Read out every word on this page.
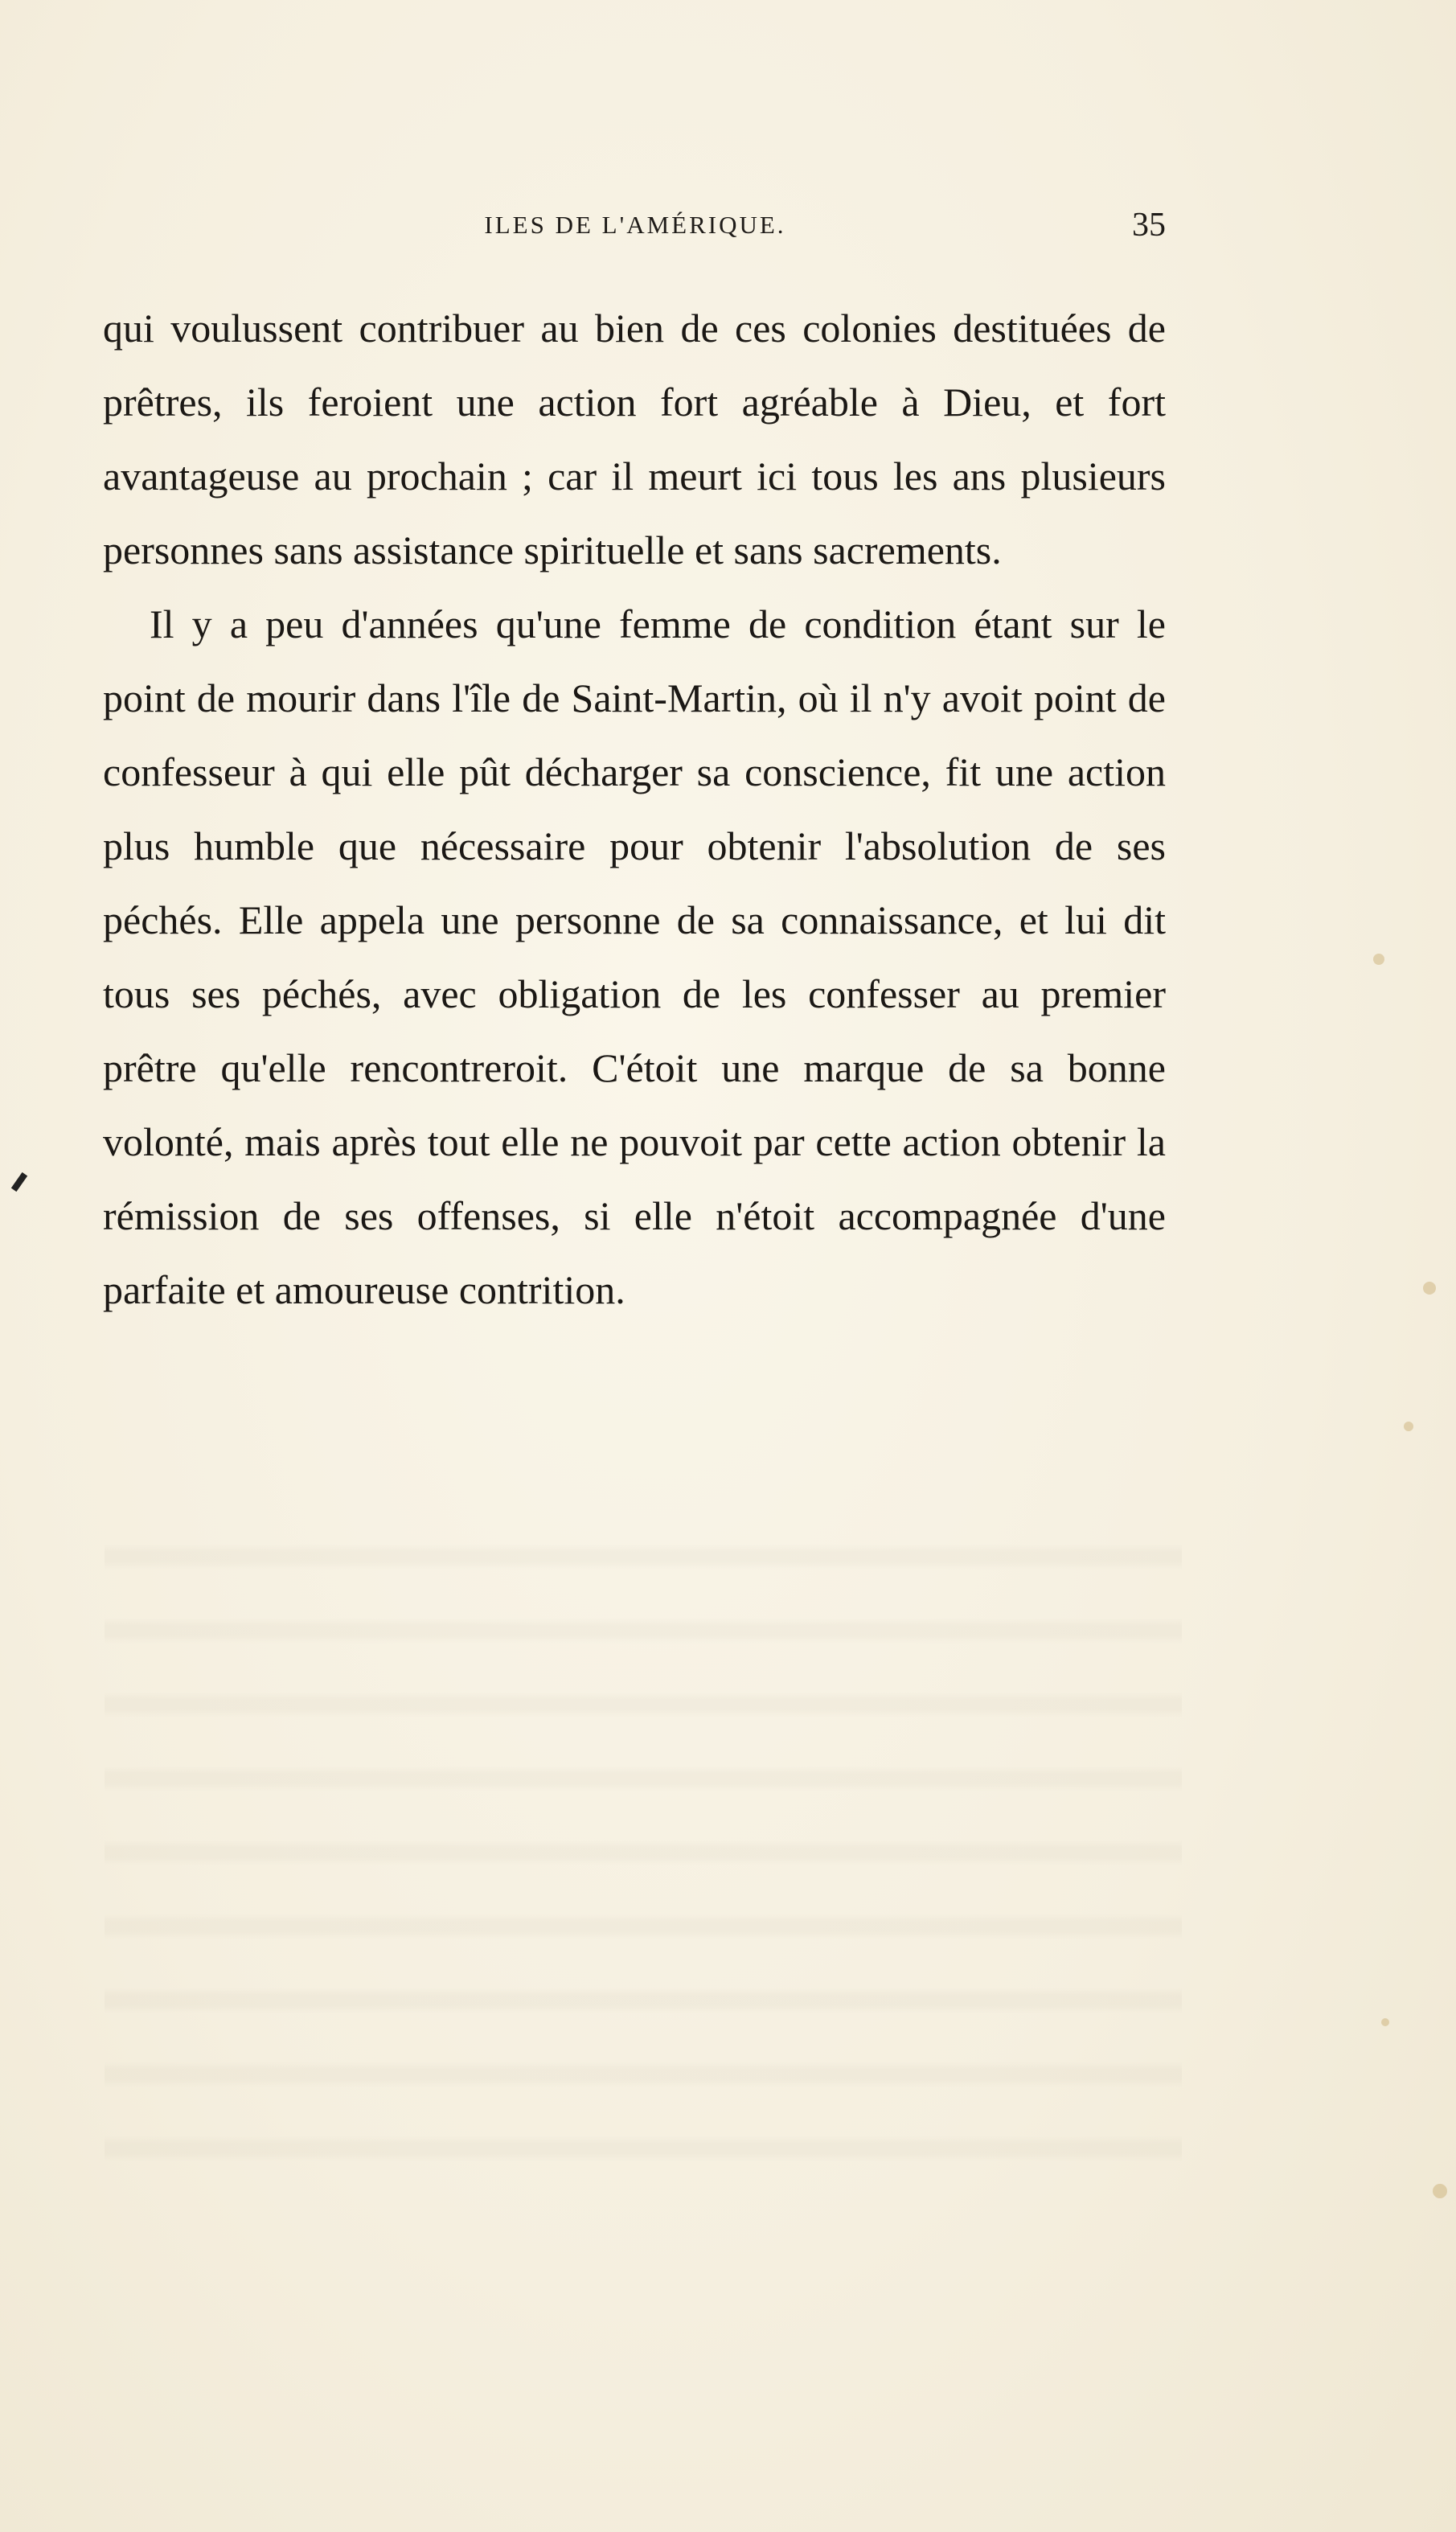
ILES DE L'AMÉRIQUE.	35

qui voulussent contribuer au bien de ces colonies destituées de prêtres, ils feroient une action fort agréable à Dieu, et fort avantageuse au prochain ; car il meurt ici tous les ans plusieurs personnes sans assistance spirituelle et sans sacrements.

Il y a peu d'années qu'une femme de condition étant sur le point de mourir dans l'île de Saint-Martin, où il n'y avoit point de confesseur à qui elle pût décharger sa conscience, fit une action plus humble que nécessaire pour obtenir l'absolution de ses péchés. Elle appela une personne de sa connaissance, et lui dit tous ses péchés, avec obligation de les confesser au premier prêtre qu'elle rencontreroit. C'étoit une marque de sa bonne volonté, mais après tout elle ne pouvoit par cette action obtenir la rémission de ses offenses, si elle n'étoit accompagnée d'une parfaite et amoureuse contrition.
